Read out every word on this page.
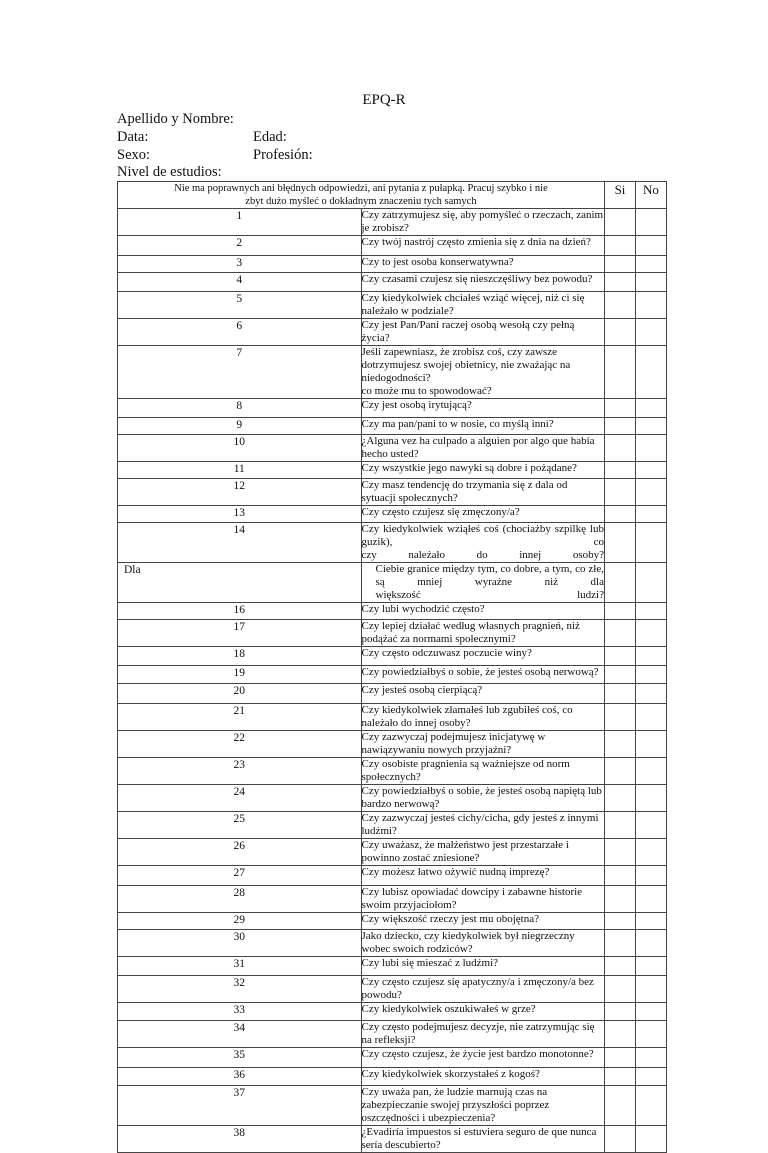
EPQ-R
Apellido y Nombre:
Data:	Edad:
Sexo:	Profesión:
Nivel de estudios:
Nie ma poprawnych ani błędnych odpowiedzi, ani pytania z pułapką. Pracuj szybko i nie
zbyt dużo myśleć o dokładnym znaczeniu tych samych		Si	No
1	Czy zatrzymujesz się, aby pomyśleć o rzeczach, zanim je zrobisz?		

2	Czy twój nastrój często zmienia się z dnia na dzień?		

3	Czy to jest osoba konserwatywna?		

4	Czy czasami czujesz się nieszczęśliwy bez powodu?		

5	Czy kiedykolwiek chciałeś wziąć więcej, niż ci się należało w podziale?		

6	Czy jest Pan/Pani raczej osobą wesołą czy pełną życia?		

7	Jeśli zapewniasz, że zrobisz coś, czy zawsze dotrzymujesz swojej obietnicy, nie zważając na niedogodności?
co może mu to spowodować?		

8	Czy jest osobą irytującą?		

9	Czy ma pan/pani to w nosie, co myślą inni?		

10	¿Alguna vez ha culpado a alguien por algo que había hecho usted?		

11	Czy wszystkie jego nawyki są dobre i pożądane?		

12	Czy masz tendencję do trzymania się z dala od sytuacji społecznych?		

13	Czy często czujesz się zmęczony/a?		

14	Czy kiedykolwiek wziąłeś coś (chociażby szpilkę lub guzik), co
czy należało do innej osoby?		

Dla	Ciebie granice między tym, co dobre, a tym, co złe, są mniej wyraźne niż dla
większość ludzi?		

16	Czy lubi wychodzić często?		

17	Czy lepiej działać według własnych pragnień, niż podążać za normami społecznymi?		

18	Czy często odczuwasz poczucie winy?		

19	Czy powiedziałbyś o sobie, że jesteś osobą nerwową?		

20	Czy jesteś osobą cierpiącą?		

21	Czy kiedykolwiek złamałeś lub zgubiłeś coś, co należało do innej osoby?		

22	Czy zazwyczaj podejmujesz inicjatywę w nawiązywaniu nowych przyjaźni?		

23	Czy osobiste pragnienia są ważniejsze od norm społecznych?		

24	Czy powiedziałbyś o sobie, że jesteś osobą napiętą lub bardzo nerwową?		

25	Czy zazwyczaj jesteś cichy/cicha, gdy jesteś z innymi ludźmi?		

26	Czy uważasz, że małżeństwo jest przestarzałe i powinno zostać zniesione?		

27	Czy możesz łatwo ożywić nudną imprezę?		

28	Czy lubisz opowiadać dowcipy i zabawne historie swoim przyjaciołom?		

29	Czy większość rzeczy jest mu obojętna?		

30	Jako dziecko, czy kiedykolwiek był niegrzeczny wobec swoich rodziców?		

31	Czy lubi się mieszać z ludźmi?		

32	Czy często czujesz się apatyczny/a i zmęczony/a bez powodu?		

33	Czy kiedykolwiek oszukiwałeś w grze?		

34	Czy często podejmujesz decyzje, nie zatrzymując się na refleksji?		

35	Czy często czujesz, że życie jest bardzo monotonne?		

36	Czy kiedykolwiek skorzystałeś z kogoś?		

37	Czy uważa pan, że ludzie marnują czas na zabezpieczanie swojej przyszłości poprzez oszczędności i ubezpieczenia?		

38	¿Evadiría impuestos si estuviera seguro de que nunca sería descubierto?		
